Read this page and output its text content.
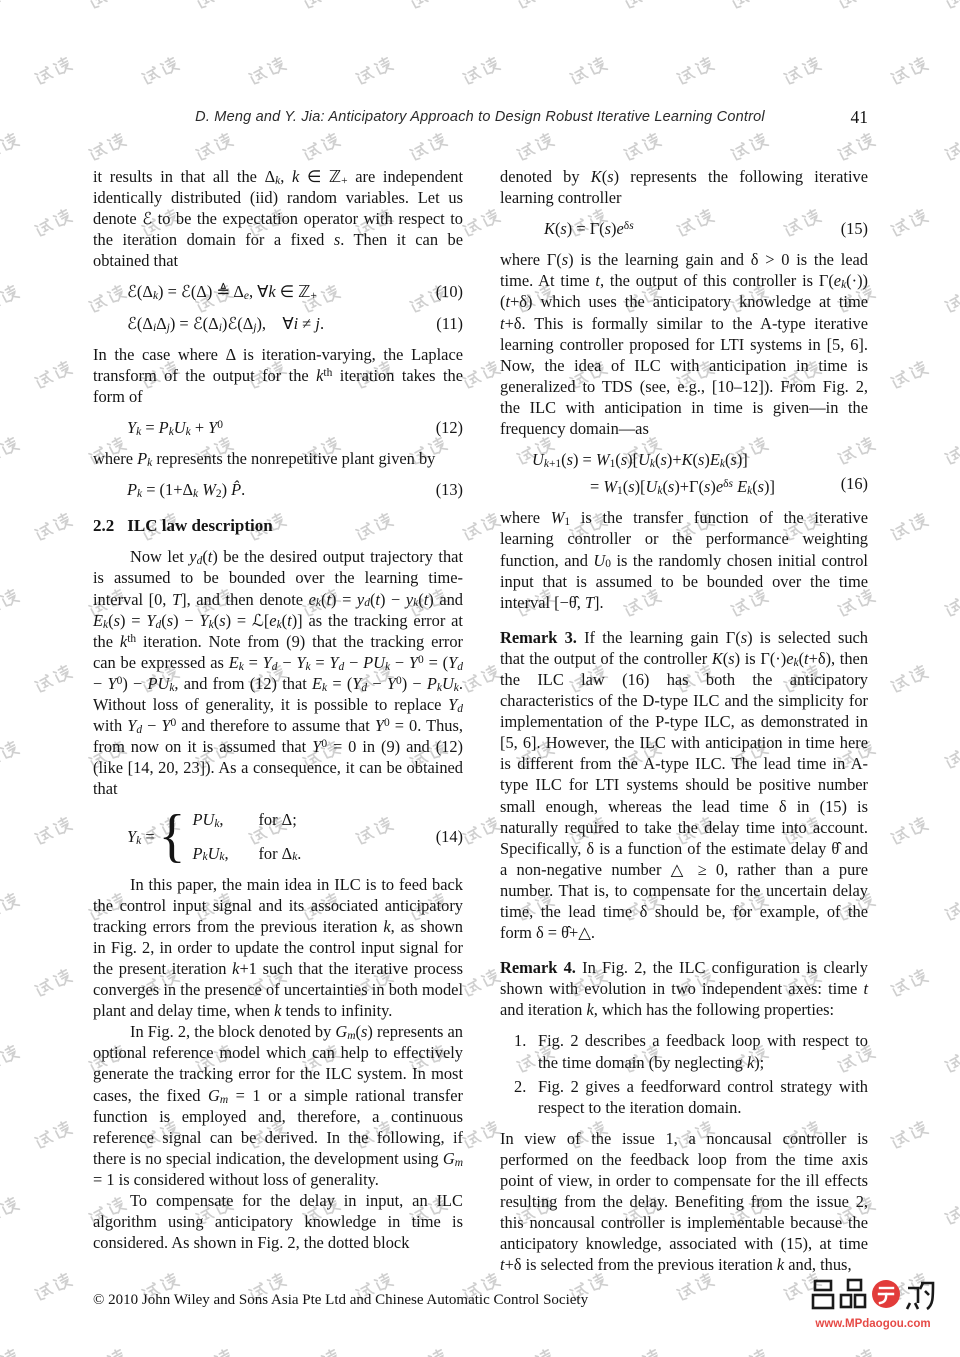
D. Meng and Y. Jia: Anticipatory Approach to Design Robust Iterative Learning Control	41

it results in that all the $\Delta_k$, k ∈ ℤ$_+$ are independent identically distributed (iid) random variables. Let us denote ℰ to be the expectation operator with respect to the iteration domain for a fixed s. Then it can be obtained that

$ℰ(\Delta_k)$ = ℰ(Δ) ≜ $\Delta_e$, ∀k ∈ ℤ$_+$	(10)
$ℰ(\Delta_i\Delta_j)$ = $ℰ(\Delta_i)ℰ(\Delta_j)$, ∀i ≠ j.	(11)

In the case where Δ is iteration-varying, the Laplace transform of the output for the $k^{th}$ iteration takes the form of

$Y_k = P_kU_k + Y^0$	(12)

where $P_k$ represents the nonrepetitive plant given by

$P_k = (1+\Delta_k$ $W_2$) P̂.	(13)
2.2 ILC law description

Now let $y_d(t)$ be the desired output trajectory that is assumed to be bounded over the learning time-interval [0, T], and then denote $e_k(t) = y_d(t) - y_k(t)$ and $E_k(s) = Y_d(s) - Y_k(s)$ = $ℒ[e_k(t)]$ as the tracking error at the $k^{th}$ iteration. Note from (9) that the tracking error can be expressed as $E_k = Y_d - Y_k = Y_d - PU_k - Y^0 = (Y_d - Y^0) - PU_k$, and from (12) that $E_k = (Y_d - Y^0) - P_kU_k$. Without loss of generality, it is possible to replace $Y_d$ with $Y_d - Y^0$ and therefore to assume that $Y^0 = 0$. Thus, from now on it is assumed that $Y^0 = 0$ in (9) and (12) (like [14, 20, 23]). As a consequence, it can be obtained that

$Y_k$ = { $PU_k$,	for Δ;
$P_kU_k$,	for $\Delta_k$.
(14)

In this paper, the main idea in ILC is to feed back the control input signal and its associated anticipatory tracking errors from the previous iteration k, as shown in Fig. 2, in order to update the control input signal for the present iteration k+1 such that the iterative process converges in the presence of uncertainties in both model plant and delay time, when k tends to infinity.

In Fig. 2, the block denoted by $G_m(s)$ represents an optional reference model which can help to effectively generate the tracking error for the ILC system. In most cases, the fixed $G_m = 1$ or a simple rational transfer function is employed and, therefore, a continuous reference signal can be derived. In the following, if there is no special indication, the development using $G_m = 1$ is considered without loss of generality.

To compensate for the delay in input, an ILC algorithm using anticipatory knowledge in time is considered. As shown in Fig. 2, the dotted block

denoted by K(s) represents the following iterative learning controller

$K(s) = \Gamma(s)e^{\delta s}$	(15)

where Γ(s) is the learning gain and δ > 0 is the lead time. At time t, the output of this controller is $\Gamma(e_k(\cdot))(t+\delta)$ which uses the anticipatory knowledge at time t+δ. This is formally similar to the A-type iterative learning controller proposed for LTI systems in [5, 6]. Now, the idea of ILC with anticipation in time is generalized to TDS (see, e.g., [10–12]). From Fig. 2, the ILC with anticipation in time is given—in the frequency domain—as

$U_{k+1}(s) = W_1(s)[U_k(s)+K(s)E_k(s)]$
= $W_1(s)[U_k(s)+\Gamma(s)e^{\delta s}$ $E_k(s)$]	(16)

where $W_1$ is the transfer function of the iterative learning controller or the performance weighting function, and $U_0$ is the randomly chosen initial control input that is assumed to be bounded over the time interval [−θ̂, T].

Remark 3. If the learning gain Γ(s) is selected such that the output of the controller K(s) is $\Gamma(\cdot)e_k(t+\delta)$, then the ILC law (16) has both the anticipatory characteristics of the D-type ILC and the simplicity for implementation of the P-type ILC, as demonstrated in [5, 6]. However, the ILC with anticipation in time here is different from the A-type ILC. The lead time in A-type ILC for LTI systems should be positive number small enough, whereas the lead time δ in (15) is naturally required to take the delay time into account. Specifically, δ is a function of the estimate delay θ̂ and a non-negative number △ ≥ 0, rather than a pure number. That is, to compensate for the uncertain delay time, the lead time δ should be, for example, of the form δ = θ̂+△.

Remark 4. In Fig. 2, the ILC configuration is clearly shown with evolution in two independent axes: time t and iteration k, which has the following properties:

1. Fig. 2 describes a feedback loop with respect to the time domain (by neglecting k);
2. Fig. 2 gives a feedforward control strategy with respect to the iteration domain.

In view of the issue 1, a noncausal controller is performed on the feedback loop from the time axis point of view, in order to compensate for the ill effects resulting from the delay. Benefiting from the issue 2, this noncausal controller is implementable because the anticipatory knowledge, associated with (15), at time t+δ is selected from the previous iteration k and, thus,

© 2010 John Wiley and Sons Asia Pte Ltd and Chinese Automatic Control Society
www.MPdaogou.com
